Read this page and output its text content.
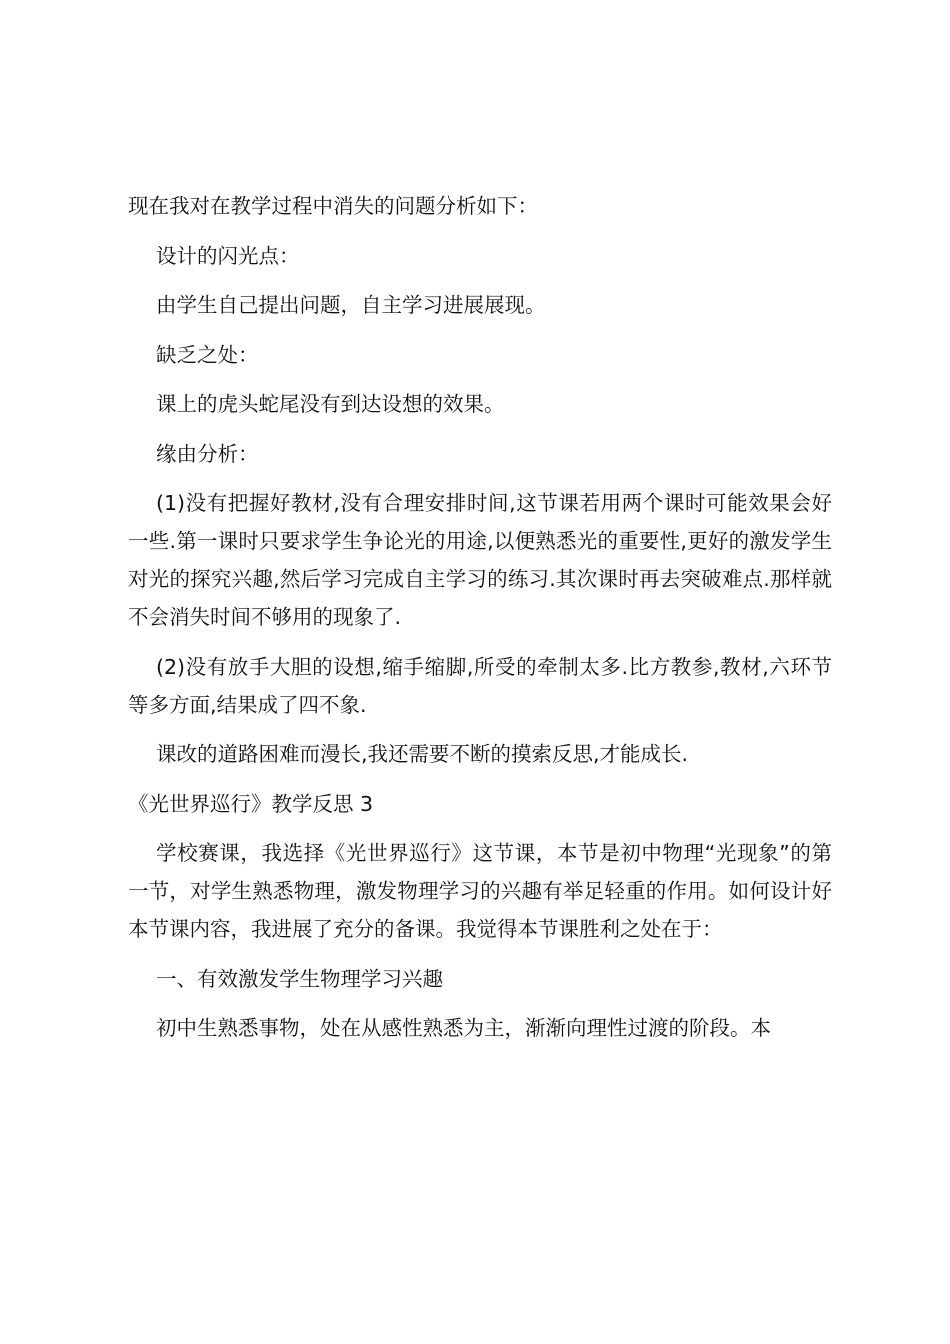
现在我对在教学过程中消失的问题分析如下：

设计的闪光点：

由学生自己提出问题，自主学习进展展现。

缺乏之处：

课上的虎头蛇尾没有到达设想的效果。

缘由分析：

(1)没有把握好教材,没有合理安排时间,这节课若用两个课时可能效果会好一些.第一课时只要求学生争论光的用途,以便熟悉光的重要性,更好的激发学生对光的探究兴趣,然后学习完成自主学习的练习.其次课时再去突破难点.那样就不会消失时间不够用的现象了.

(2)没有放手大胆的设想,缩手缩脚,所受的牵制太多.比方教参,教材,六环节等多方面,结果成了四不象.

课改的道路困难而漫长,我还需要不断的摸索反思,才能成长.

《光世界巡行》教学反思 3

学校赛课，我选择《光世界巡行》这节课，本节是初中物理“光现象”的第一节，对学生熟悉物理，激发物理学习的兴趣有举足轻重的作用。如何设计好本节课内容，我进展了充分的备课。我觉得本节课胜利之处在于：

一、有效激发学生物理学习兴趣

初中生熟悉事物，处在从感性熟悉为主，渐渐向理性过渡的阶段。本
